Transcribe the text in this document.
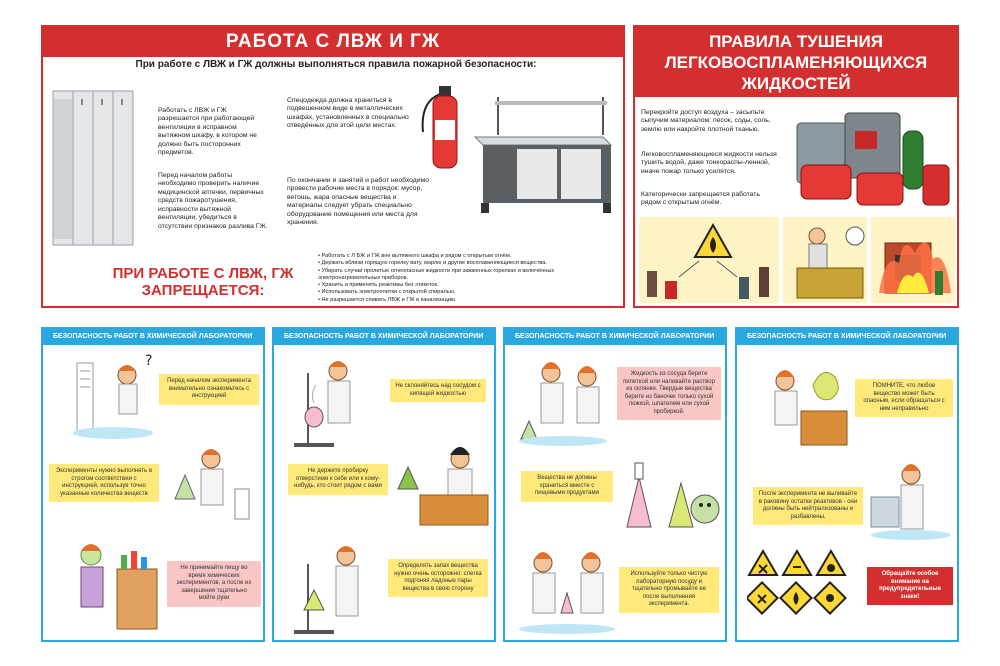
РАБОТА С ЛВЖ И ГЖ
При работе с ЛВЖ и ГЖ должны выполняться правила пожарной безопасности:
Работать с ЛВЖ и ГЖ разрешается при работающей вентиляции в исправном вытяжном шкафу, в котором не должно быть посторонних предметов.
Перед началом работы необходимо проверить наличие медицинской аптечки, первичных средств пожаротушения, исправности вытяжной вентиляции, убедиться в отсутствии признаков разлива ГЖ.
Спецодежда должна храниться в подвешенном виде в металлических шкафах, установленных в специально отведённых для этой цели местах.
По окончании и занятий и работ необходимо провести рабочие места в порядок: мусор, ветошь, жара опасные вещества и материалы следует убрать специально оборудование помещения или места для хранения.
ПРИ РАБОТЕ С ЛВЖ, ГЖ ЗАПРЕЩАЕТСЯ:
• Работать с Л БЖ и ГЖ вне вытяжного шкафа и рядом с открытым огнём.
• Держать вблизи горящую горелку вату, марлю и другие воспламеняющиеся вещества.
• Убирать случаи пролитые огнеопасные жидкости при зажженных горелках и включённых электронагревательных приборов.
• Хранить и применять реактивы без этикеток.
• Использовать электроплитки с открытой спиралью.
• Не разрешается сливать ЛВЖ и ГЖ в канализацию.
ПРАВИЛА ТУШЕНИЯ ЛЕГКОВОСПЛАМЕНЯЮЩИХСЯ ЖИДКОСТЕЙ
Перекройте доступ воздуха – засыпьте сыпучим материалом: песок, соды, соль, землю или накройте плотной тканью.
Легковоспламеняющиеся жидкости нельзя тушить водой, даже тонкораспы-ленной, иначе пожар только усилятся.
Категорически запрещается работать рядом с открытым огнём.
БЕЗОПАСНОСТЬ РАБОТ В ХИМИЧЕСКОЙ ЛАБОРАТОРИИ
?
Перед началом эксперимента внимательно ознакомьтесь с инструкцией
Эксперименты нужно выполнять в строгом соответствии с инструкцией, используя точно указанные количества веществ
Не принимайте пищу во время химических экспериментов, а после их завершения тщательно мойте руки
БЕЗОПАСНОСТЬ РАБОТ В ХИМИЧЕСКОЙ ЛАБОРАТОРИИ
Не склоняйтесь над сосудом с кипящей жидкостью
Не держите пробирку отверстием к себе или к кому-нибудь, кто стоит рядом с вами
Определять запах вещества нужно очень осторожно: слегка подгоняя ладонью пары вещества в свою сторону
БЕЗОПАСНОСТЬ РАБОТ В ХИМИЧЕСКОЙ ЛАБОРАТОРИИ
Жидкость из сосуда берите пипеткой или наливайте раствор из склянки. Твердые вещества берите из баночек только сухой ложкой, шпателем или сухой пробиркой.
Вещества не должны храниться вместе с пищевыми продуктами
Используйте только чистую лабораторную посуду и тщательно промывайте ее после выполнения эксперимента.
БЕЗОПАСНОСТЬ РАБОТ В ХИМИЧЕСКОЙ ЛАБОРАТОРИИ
ПОМНИТЕ, что любое вещество может быть опасным, если обращаться с ним неправильно
После эксперимента не выливайте в раковину остатки реактивов - они должны быть нейтрализованы и разбавлены.
Обращайте особое внимание на предупредительные знаки!
